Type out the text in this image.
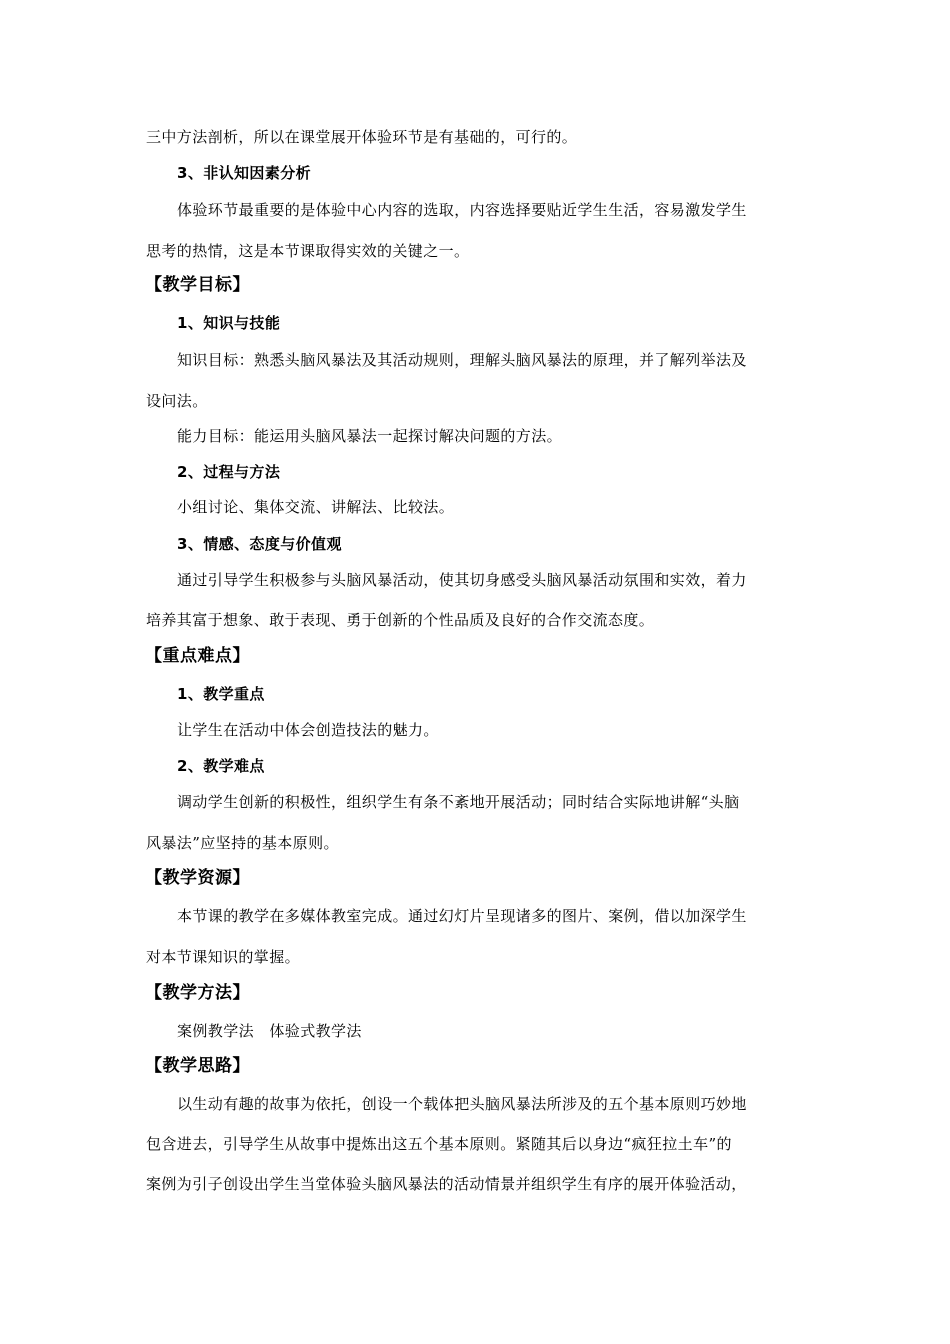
三中方法剖析，所以在课堂展开体验环节是有基础的，可行的。
3、非认知因素分析
体验环节最重要的是体验中心内容的选取，内容选择要贴近学生生活，容易激发学生
思考的热情，这是本节课取得实效的关键之一。
【教学目标】
1、知识与技能
知识目标：熟悉头脑风暴法及其活动规则，理解头脑风暴法的原理，并了解列举法及
设问法。
能力目标：能运用头脑风暴法一起探讨解决问题的方法。
2、过程与方法
小组讨论、集体交流、讲解法、比较法。
3、情感、态度与价值观
通过引导学生积极参与头脑风暴活动，使其切身感受头脑风暴活动氛围和实效，着力
培养其富于想象、敢于表现、勇于创新的个性品质及良好的合作交流态度。
【重点难点】
1、教学重点
让学生在活动中体会创造技法的魅力。
2、教学难点
调动学生创新的积极性，组织学生有条不紊地开展活动；同时结合实际地讲解“头脑
风暴法”应坚持的基本原则。
【教学资源】
本节课的教学在多媒体教室完成。通过幻灯片呈现诸多的图片、案例，借以加深学生
对本节课知识的掌握。
【教学方法】
案例教学法　体验式教学法
【教学思路】
以生动有趣的故事为依托，创设一个载体把头脑风暴法所涉及的五个基本原则巧妙地
包含进去，引导学生从故事中提炼出这五个基本原则。紧随其后以身边“疯狂拉土车”的
案例为引子创设出学生当堂体验头脑风暴法的活动情景并组织学生有序的展开体验活动，
